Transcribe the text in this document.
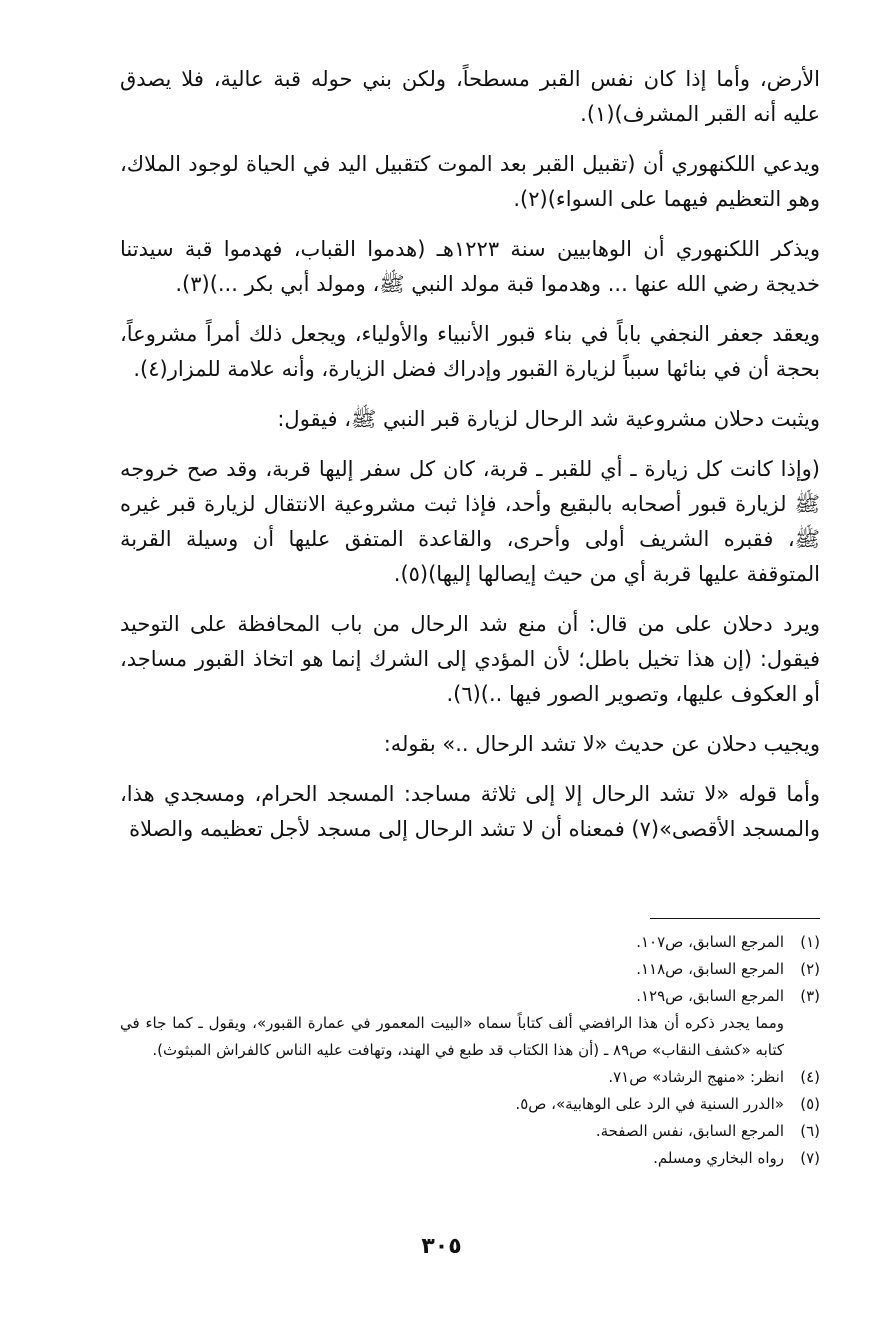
الأرض، وأما إذا كان نفس القبر مسطحاً، ولكن بني حوله قبة عالية، فلا يصدق عليه أنه القبر المشرف)(١).

ويدعي اللكنهوري أن (تقبيل القبر بعد الموت كتقبيل اليد في الحياة لوجود الملاك، وهو التعظيم فيهما على السواء)(٢).

ويذكر اللكنهوري أن الوهابيين سنة ١٢٢٣هـ (هدموا القباب، فهدموا قبة سيدتنا خديجة رضي الله عنها ... وهدموا قبة مولد النبي ﷺ، ومولد أبي بكر ...)(٣).

ويعقد جعفر النجفي باباً في بناء قبور الأنبياء والأولياء، ويجعل ذلك أمراً مشروعاً، بحجة أن في بنائها سبباً لزيارة القبور وإدراك فضل الزيارة، وأنه علامة للمزار(٤).

ويثبت دحلان مشروعية شد الرحال لزيارة قبر النبي ﷺ، فيقول:

(وإذا كانت كل زيارة ـ أي للقبر ـ قربة، كان كل سفر إليها قربة، وقد صح خروجه ﷺ لزيارة قبور أصحابه بالبقيع وأحد، فإذا ثبت مشروعية الانتقال لزيارة قبر غيره ﷺ، فقبره الشريف أولى وأحرى، والقاعدة المتفق عليها أن وسيلة القربة المتوقفة عليها قربة أي من حيث إيصالها إليها)(٥).

ويرد دحلان على من قال: أن منع شد الرحال من باب المحافظة على التوحيد فيقول: (إن هذا تخيل باطل؛ لأن المؤدي إلى الشرك إنما هو اتخاذ القبور مساجد، أو العكوف عليها، وتصوير الصور فيها ..)(٦).

ويجيب دحلان عن حديث «لا تشد الرحال ..» بقوله:

وأما قوله «لا تشد الرحال إلا إلى ثلاثة مساجد: المسجد الحرام، ومسجدي هذا، والمسجد الأقصى»(٧) فمعناه أن لا تشد الرحال إلى مسجد لأجل تعظيمه والصلاة

(١)
المرجع السابق، ص١٠٧.
(٢)
المرجع السابق، ص١١٨.
(٣)
المرجع السابق، ص١٢٩.
ومما يجدر ذكره أن هذا الرافضي ألف كتاباً سماه «البيت المعمور في عمارة القبور»، ويقول ـ كما جاء في كتابه «كشف النقاب» ص٨٩ ـ (أن هذا الكتاب قد طبع في الهند، وتهافت عليه الناس كالفراش المبثوث).
(٤)
انظر: «منهج الرشاد» ص٧١.
(٥)
«الدرر السنية في الرد على الوهابية»، ص٥.
(٦)
المرجع السابق، نفس الصفحة.
(٧)
رواه البخاري ومسلم.
٣٠٥
